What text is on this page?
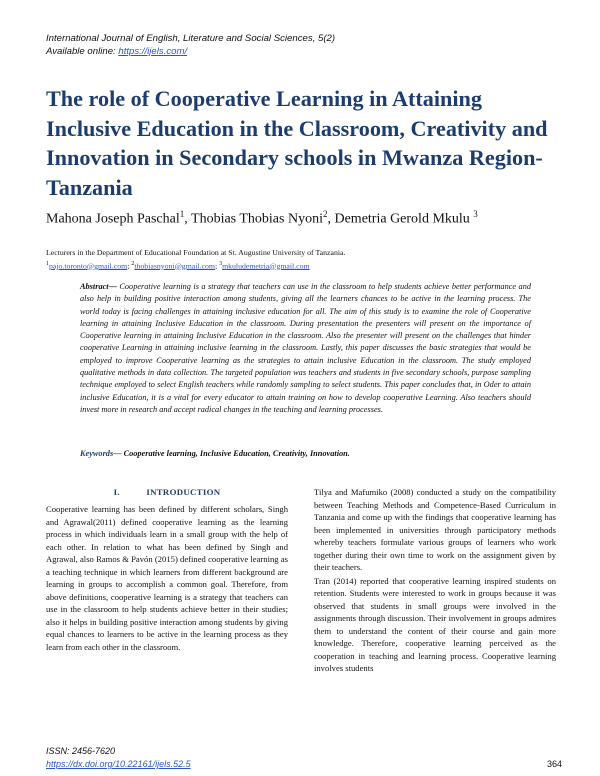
International Journal of English, Literature and Social Sciences, 5(2)
Available online: https://ijels.com/
The role of Cooperative Learning in Attaining Inclusive Education in the Classroom, Creativity and Innovation in Secondary schools in Mwanza Region- Tanzania
Mahona Joseph Paschal$^1$, Thobias Thobias Nyoni$^2$, Demetria Gerold Mkulu $^3$
Lecturers in the Department of Educational Foundation at St. Augustine University of Tanzania.
$^1$pajo.toronto@gmail.com; $^2$thobiasnyoni@gmail.com; $^3$mkuludemetria@gmail.com

Abstract— Cooperative learning is a strategy that teachers can use in the classroom to help students achieve better performance and also help in building positive interaction among students, giving all the learners chances to be active in the learning process. The world today is facing challenges in attaining inclusive education for all. The aim of this study is to examine the role of Cooperative learning in attaining Inclusive Education in the classroom. During presentation the presenters will present on the importance of Cooperative learning in attaining Inclusive Education in the classroom. Also the presenter will present on the challenges that hinder cooperative Learning in attaining inclusive learning in the classroom. Lastly, this paper discusses the basic strategies that would be employed to improve Cooperative learning as the strategies to attain inclusive Education in the classroom. The study employed qualitative methods in data collection. The targeted population was teachers and students in five secondary schools, purpose sampling technique employed to select English teachers while randomly sampling to select students. This paper concludes that, in Oder to attain inclusive Education, it is a vital for every educator to attain training on how to develop cooperative Learning. Also teachers should invest more in research and accept radical changes in the teaching and learning processes.

Keywords— Cooperative learning, Inclusive Education, Creativity, Innovation.
I.	INTRODUCTION

Cooperative learning has been defined by different scholars, Singh and Agrawal(2011) defined cooperative learning as the learning process in which individuals learn in a small group with the help of each other. In relation to what has been defined by Singh and Agrawal, also Ramos & Pavón (2015) defined cooperative learning as a teaching technique in which learners from different background are learning in groups to accomplish a common goal. Therefore, from above definitions, cooperative learning is a strategy that teachers can use in the classroom to help students achieve better in their studies; also it helps in building positive interaction among students by giving equal chances to learners to be active in the learning process as they learn from each other in the classroom.

Tilya and Mafumiko (2008) conducted a study on the compatibility between Teaching Methods and Competence-Based Curriculum in Tanzania and come up with the findings that cooperative learning has been implemented in universities through participatory methods whereby teachers formulate various groups of learners who work together during their own time to work on the assignment given by their teachers.

Tran (2014) reported that cooperative learning inspired students on retention. Students were interested to work in groups because it was observed that students in small groups were involved in the assignments through discussion. Their involvement in groups admires them to understand the content of their course and gain more knowledge. Therefore, cooperative learning perceived as the cooperation in teaching and learning process. Cooperative learning involves students

ISSN: 2456-7620
https://dx.doi.org/10.22161/ijels.52.5	364
